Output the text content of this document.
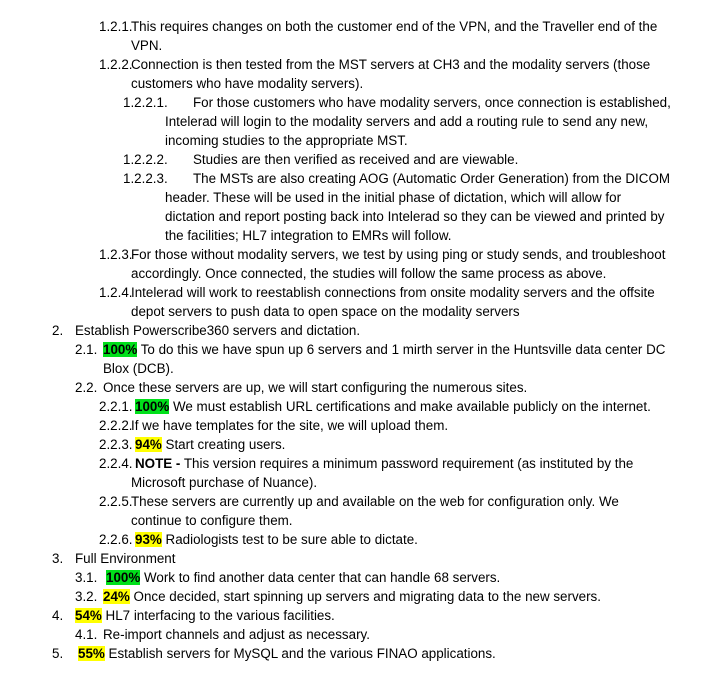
1.2.1.
This requires changes on both the customer end of the VPN, and the Traveller end of the
VPN.
1.2.2.
Connection is then tested from the MST servers at CH3 and the modality servers (those
customers who have modality servers).
1.2.2.1. For those customers who have modality servers, once connection is established,
Intelerad will login to the modality servers and add a routing rule to send any new,
incoming studies to the appropriate MST.
1.2.2.2. Studies are then verified as received and are viewable.
1.2.2.3. The MSTs are also creating AOG (Automatic Order Generation) from the DICOM
header. These will be used in the initial phase of dictation, which will allow for
dictation and report posting back into Intelerad so they can be viewed and printed by
the facilities; HL7 integration to EMRs will follow.
1.2.3.
For those without modality servers, we test by using ping or study sends, and troubleshoot
accordingly. Once connected, the studies will follow the same process as above.
1.2.4.
Intelerad will work to reestablish connections from onsite modality servers and the offsite
depot servers to push data to open space on the modality servers
2. Establish Powerscribe360 servers and dictation.
2.1. 100% To do this we have spun up 6 servers and 1 mirth server in the Huntsville data center DC
Blox (DCB).
2.2. Once these servers are up, we will start configuring the numerous sites.
2.2.1. 100% We must establish URL certifications and make available publicly on the internet.
2.2.2.
If we have templates for the site, we will upload them.
2.2.3. 94% Start creating users.
2.2.4. NOTE - This version requires a minimum password requirement (as instituted by the
Microsoft purchase of Nuance).
2.2.5.
These servers are currently up and available on the web for configuration only. We
continue to configure them.
2.2.6. 93% Radiologists test to be sure able to dictate.
3. Full Environment
3.1. 100% Work to find another data center that can handle 68 servers.
3.2. 24% Once decided, start spinning up servers and migrating data to the new servers.
4. 54% HL7 interfacing to the various facilities.
4.1. Re-import channels and adjust as necessary.
5. 55% Establish servers for MySQL and the various FINAO applications.
